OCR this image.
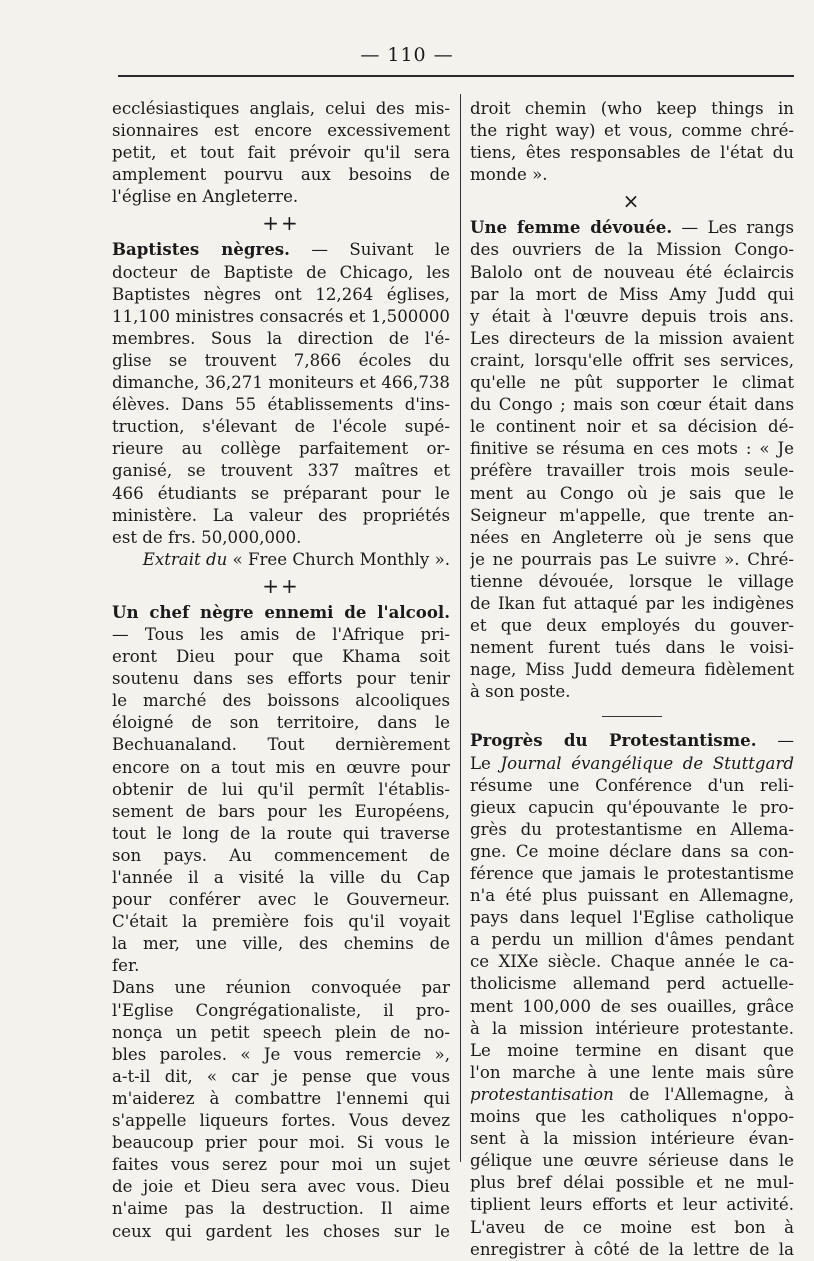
— 110 —
ecclésiastiques anglais, celui des mis-
sionnaires est encore excessivement
petit, et tout fait prévoir qu'il sera
amplement pourvu aux besoins de
l'église en Angleterre.
++
Baptistes nègres. — Suivant le
docteur de Baptiste de Chicago, les
Baptistes nègres ont 12,264 églises,
11,100 ministres consacrés et 1,500000
membres. Sous la direction de l'é-
glise se trouvent 7,866 écoles du
dimanche, 36,271 moniteurs et 466,738
élèves. Dans 55 établissements d'ins-
truction, s'élevant de l'école supé-
rieure au collège parfaitement or-
ganisé, se trouvent 337 maîtres et
466 étudiants se préparant pour le
ministère. La valeur des propriétés
est de frs. 50,000,000.
Extrait du « Free Church Monthly ».
++
Un chef nègre ennemi de l'alcool.
— Tous les amis de l'Afrique pri-
eront Dieu pour que Khama soit
soutenu dans ses efforts pour tenir
le marché des boissons alcooliques
éloigné de son territoire, dans le
Bechuanaland. Tout dernièrement
encore on a tout mis en œuvre pour
obtenir de lui qu'il permît l'établis-
sement de bars pour les Européens,
tout le long de la route qui traverse
son pays. Au commencement de
l'année il a visité la ville du Cap
pour conférer avec le Gouverneur.
C'était la première fois qu'il voyait
la mer, une ville, des chemins de
fer.
Dans une réunion convoquée par
l'Eglise Congrégationaliste, il pro-
nonça un petit speech plein de no-
bles paroles. « Je vous remercie »,
a-t-il dit, « car je pense que vous
m'aiderez à combattre l'ennemi qui
s'appelle liqueurs fortes. Vous devez
beaucoup prier pour moi. Si vous le
faites vous serez pour moi un sujet
de joie et Dieu sera avec vous. Dieu
n'aime pas la destruction. Il aime
ceux qui gardent les choses sur le
droit chemin (who keep things in
the right way) et vous, comme chré-
tiens, êtes responsables de l'état du
monde ».
×
Une femme dévouée. — Les rangs
des ouvriers de la Mission Congo-
Balolo ont de nouveau été éclaircis
par la mort de Miss Amy Judd qui
y était à l'œuvre depuis trois ans.
Les directeurs de la mission avaient
craint, lorsqu'elle offrit ses services,
qu'elle ne pût supporter le climat
du Congo ; mais son cœur était dans
le continent noir et sa décision dé-
finitive se résuma en ces mots : « Je
préfère travailler trois mois seule-
ment au Congo où je sais que le
Seigneur m'appelle, que trente an-
nées en Angleterre où je sens que
je ne pourrais pas Le suivre ». Chré-
tienne dévouée, lorsque le village
de Ikan fut attaqué par les indigènes
et que deux employés du gouver-
nement furent tués dans le voisi-
nage, Miss Judd demeura fidèlement
à son poste.
Progrès du Protestantisme. —
Le Journal évangélique de Stuttgard
résume une Conférence d'un reli-
gieux capucin qu'épouvante le pro-
grès du protestantisme en Allema-
gne. Ce moine déclare dans sa con-
férence que jamais le protestantisme
n'a été plus puissant en Allemagne,
pays dans lequel l'Eglise catholique
a perdu un million d'âmes pendant
ce XIXe siècle. Chaque année le ca-
tholicisme allemand perd actuelle-
ment 100,000 de ses ouailles, grâce
à la mission intérieure protestante.
Le moine termine en disant que
l'on marche à une lente mais sûre
protestantisation de l'Allemagne, à
moins que les catholiques n'oppo-
sent à la mission intérieure évan-
gélique une œuvre sérieuse dans le
plus bref délai possible et ne mul-
tiplient leurs efforts et leur activité.
L'aveu de ce moine est bon à
enregistrer à côté de la lettre de la
